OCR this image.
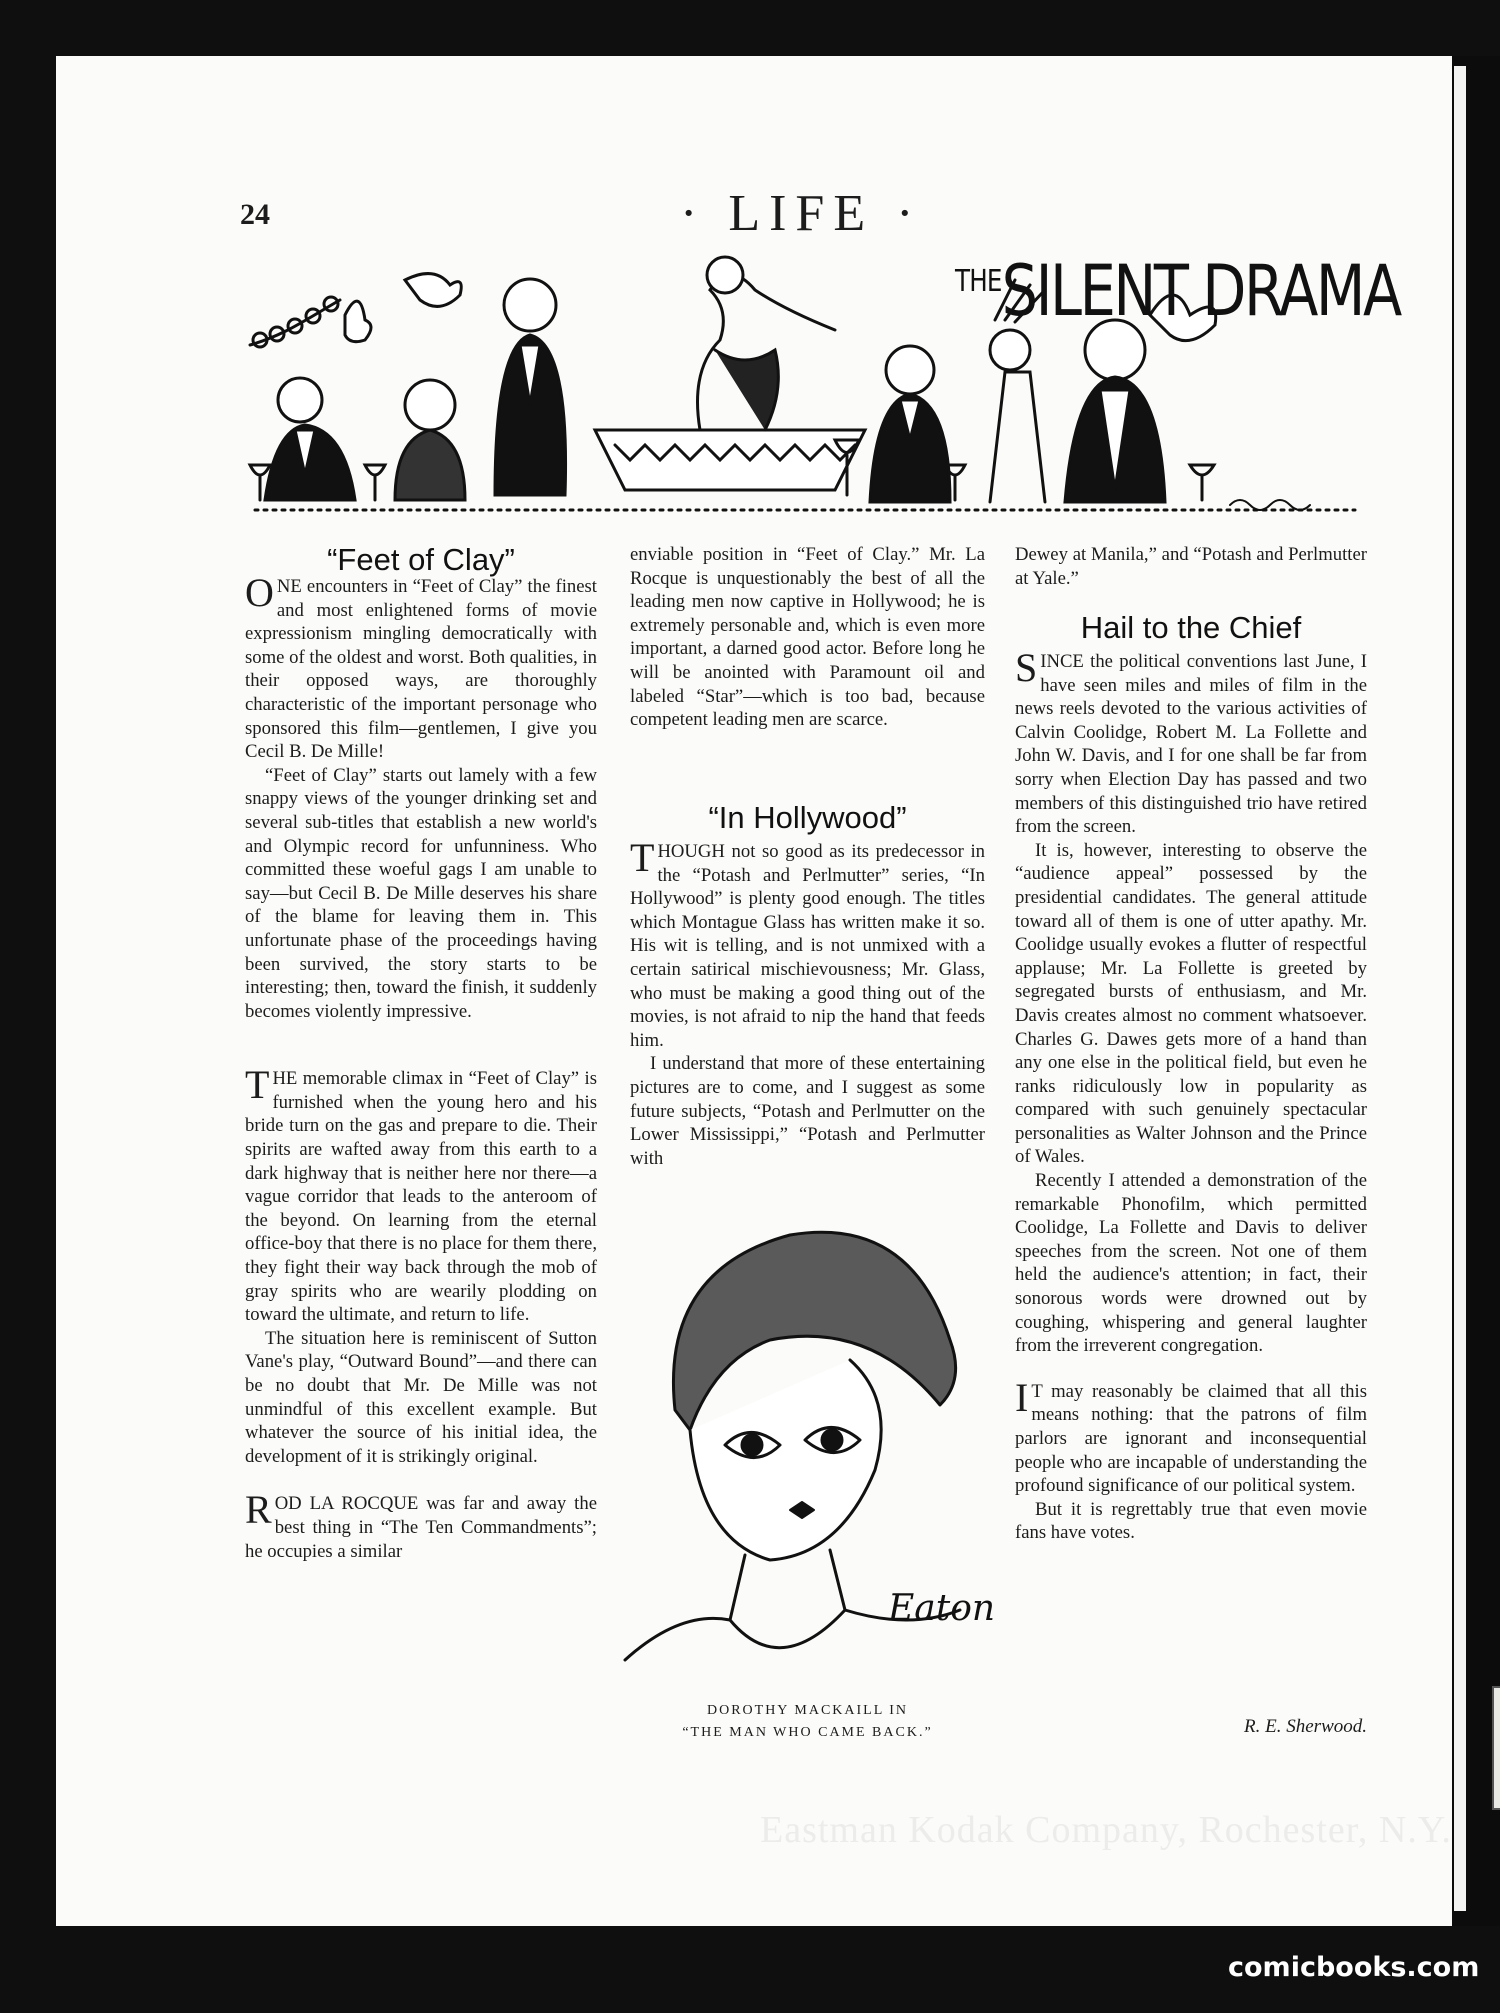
24	· LIFE ·
$^{THE}$SILENT DRAMA
“Feet of Clay”

ONE encounters in “Feet of Clay” the finest and most enlightened forms of movie expressionism mingling democratically with some of the oldest and worst. Both qualities, in their opposed ways, are thoroughly characteristic of the important personage who sponsored this film—gentlemen, I give you Cecil B. De Mille!

“Feet of Clay” starts out lamely with a few snappy views of the younger drinking set and several sub-titles that establish a new world's and Olympic record for unfunniness. Who committed these woeful gags I am unable to say—but Cecil B. De Mille deserves his share of the blame for leaving them in. This unfortunate phase of the proceedings having been survived, the story starts to be interesting; then, toward the finish, it suddenly becomes violently impressive.

THE memorable climax in “Feet of Clay” is furnished when the young hero and his bride turn on the gas and prepare to die. Their spirits are wafted away from this earth to a dark highway that is neither here nor there—a vague corridor that leads to the anteroom of the beyond. On learning from the eternal office-boy that there is no place for them there, they fight their way back through the mob of gray spirits who are wearily plodding on toward the ultimate, and return to life.

The situation here is reminiscent of Sutton Vane's play, “Outward Bound”—and there can be no doubt that Mr. De Mille was not unmindful of this excellent example. But whatever the source of his initial idea, the development of it is strikingly original.

ROD LA ROCQUE was far and away the best thing in “The Ten Commandments”; he occupies a similar

enviable position in “Feet of Clay.” Mr. La Rocque is unquestionably the best of all the leading men now captive in Hollywood; he is extremely personable and, which is even more important, a darned good actor. Before long he will be anointed with Paramount oil and labeled “Star”—which is too bad, because competent leading men are scarce.

“In Hollywood”

THOUGH not so good as its predecessor in the “Potash and Perlmutter” series, “In Hollywood” is plenty good enough. The titles which Montague Glass has written make it so. His wit is telling, and is not unmixed with a certain satirical mischievousness; Mr. Glass, who must be making a good thing out of the movies, is not afraid to nip the hand that feeds him.

I understand that more of these entertaining pictures are to come, and I suggest as some future subjects, “Potash and Perlmutter on the Lower Mississippi,” “Potash and Perlmutter with

Eaton
DOROTHY MACKAILL IN
“THE MAN WHO CAME BACK.”

Dewey at Manila,” and “Potash and Perlmutter at Yale.”

Hail to the Chief

SINCE the political conventions last June, I have seen miles and miles of film in the news reels devoted to the various activities of Calvin Coolidge, Robert M. La Follette and John W. Davis, and I for one shall be far from sorry when Election Day has passed and two members of this distinguished trio have retired from the screen.

It is, however, interesting to observe the “audience appeal” possessed by the presidential candidates. The general attitude toward all of them is one of utter apathy. Mr. Coolidge usually evokes a flutter of respectful applause; Mr. La Follette is greeted by segregated bursts of enthusiasm, and Mr. Davis creates almost no comment whatsoever. Charles G. Dawes gets more of a hand than any one else in the political field, but even he ranks ridiculously low in popularity as compared with such genuinely spectacular personalities as Walter Johnson and the Prince of Wales.

Recently I attended a demonstration of the remarkable Phonofilm, which permitted Coolidge, La Follette and Davis to deliver speeches from the screen. Not one of them held the audience's attention; in fact, their sonorous words were drowned out by coughing, whispering and general laughter from the irreverent congregation.

IT may reasonably be claimed that all this means nothing: that the patrons of film parlors are ignorant and inconsequential people who are incapable of understanding the profound significance of our political system.

But it is regrettably true that even movie fans have votes.

R. E. Sherwood.
Eastman Kodak Company, Rochester, N.Y.
comicbooks.com
